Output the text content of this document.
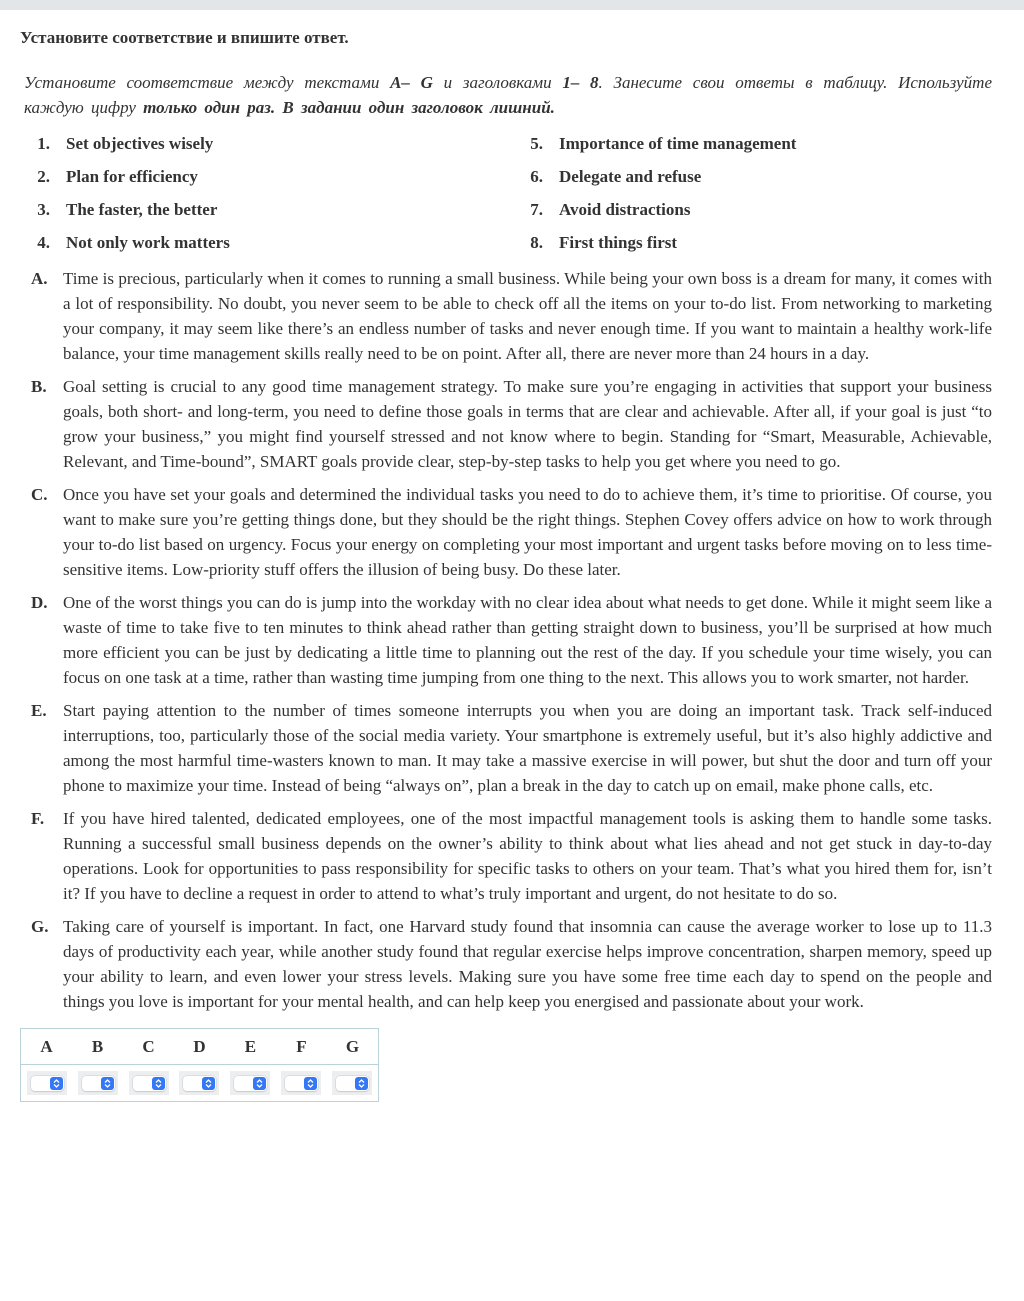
Установите соответствие и впишите ответ.
Установите соответствие между текстами A– G и заголовками 1– 8. Занесите свои ответы в таблицу. Используйте каждую цифру только один раз. В задании один заголовок лишний.
1. Set objectives wisely
2. Plan for efficiency
3. The faster, the better
4. Not only work matters
5. Importance of time management
6. Delegate and refuse
7. Avoid distractions
8. First things first
A. Time is precious, particularly when it comes to running a small business. While being your own boss is a dream for many, it comes with a lot of responsibility. No doubt, you never seem to be able to check off all the items on your to-do list. From networking to marketing your company, it may seem like there’s an endless number of tasks and never enough time. If you want to maintain a healthy work-life balance, your time management skills really need to be on point. After all, there are never more than 24 hours in a day.
B. Goal setting is crucial to any good time management strategy. To make sure you’re engaging in activities that support your business goals, both short- and long-term, you need to define those goals in terms that are clear and achievable. After all, if your goal is just “to grow your business,” you might find yourself stressed and not know where to begin. Standing for “Smart, Measurable, Achievable, Relevant, and Time-bound”, SMART goals provide clear, step-by-step tasks to help you get where you need to go.
C. Once you have set your goals and determined the individual tasks you need to do to achieve them, it’s time to prioritise. Of course, you want to make sure you’re getting things done, but they should be the right things. Stephen Covey offers advice on how to work through your to-do list based on urgency. Focus your energy on completing your most important and urgent tasks before moving on to less time-sensitive items. Low-priority stuff offers the illusion of being busy. Do these later.
D. One of the worst things you can do is jump into the workday with no clear idea about what needs to get done. While it might seem like a waste of time to take five to ten minutes to think ahead rather than getting straight down to business, you’ll be surprised at how much more efficient you can be just by dedicating a little time to planning out the rest of the day. If you schedule your time wisely, you can focus on one task at a time, rather than wasting time jumping from one thing to the next. This allows you to work smarter, not harder.
E. Start paying attention to the number of times someone interrupts you when you are doing an important task. Track self-induced interruptions, too, particularly those of the social media variety. Your smartphone is extremely useful, but it’s also highly addictive and among the most harmful time-wasters known to man. It may take a massive exercise in will power, but shut the door and turn off your phone to maximize your time. Instead of being “always on”, plan a break in the day to catch up on email, make phone calls, etc.
F.	If you have hired talented, dedicated employees, one of the most impactful management tools is asking them to handle some tasks. Running a successful small business depends on the owner’s ability to think about what lies ahead and not get stuck in day-to-day operations. Look for opportunities to pass responsibility for specific tasks to others on your team. That’s what you hired them for, isn’t it? If you have to decline a request in order to attend to what’s truly important and urgent, do not hesitate to do so.
G. Taking care of yourself is important. In fact, one Harvard study found that insomnia can cause the average worker to lose up to 11.3 days of productivity each year, while another study found that regular exercise helps improve concentration, sharpen memory, speed up your ability to learn, and even lower your stress levels. Making sure you have some free time each day to spend on the people and things you love is important for your mental health, and can help keep you energised and passionate about your work.
A	B	C	D	E	F	G
